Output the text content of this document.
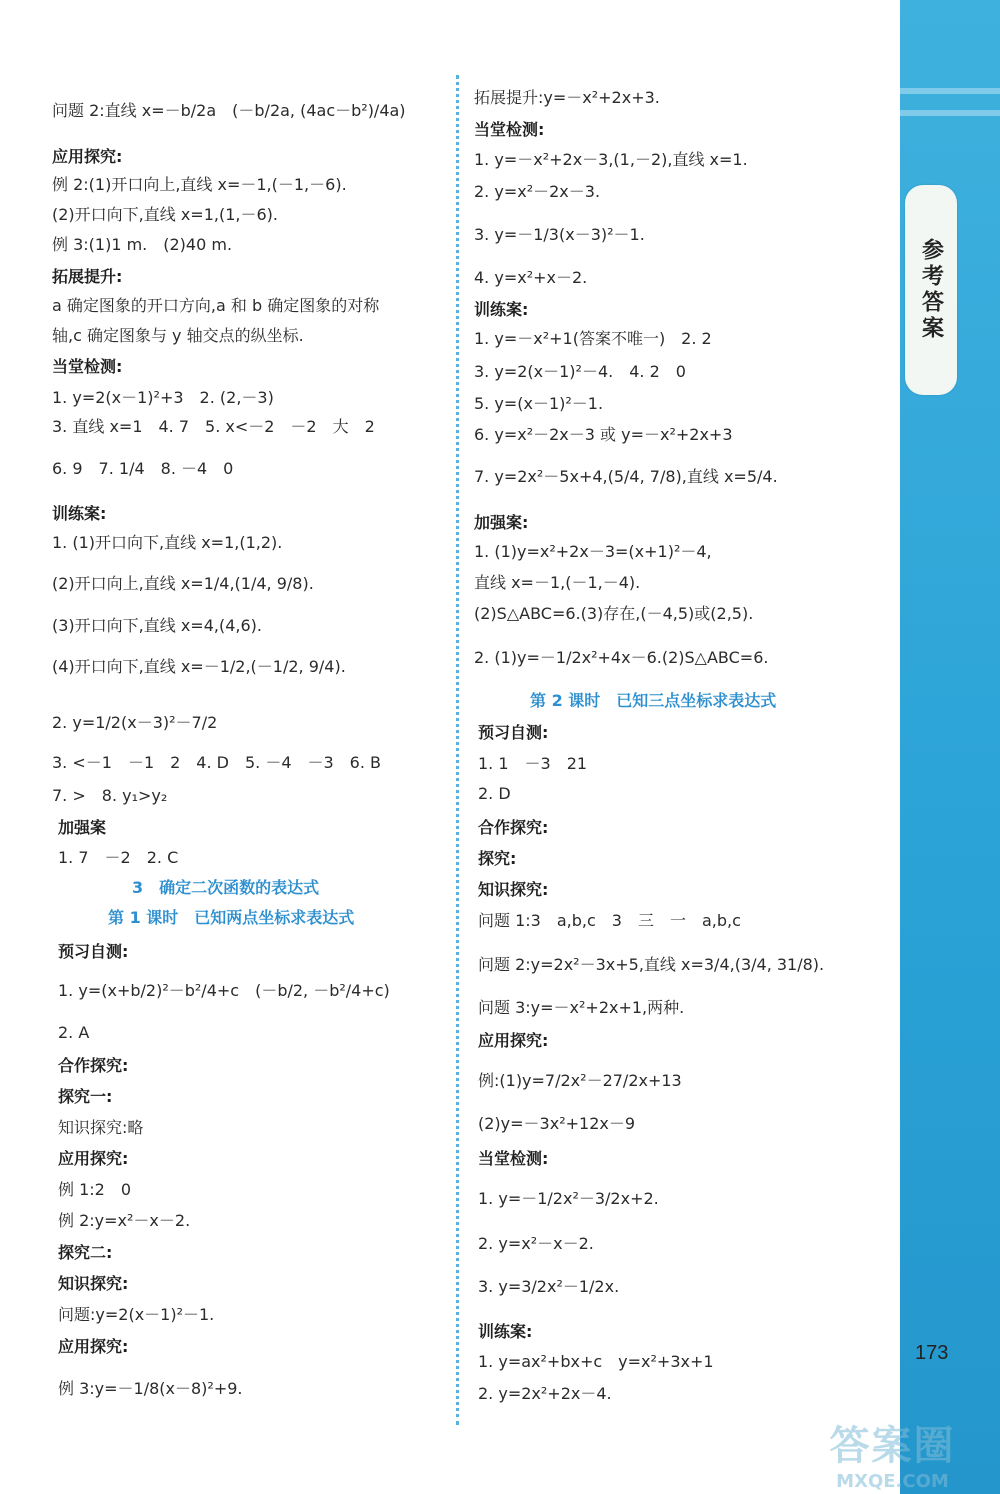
参考答案
173
问题 2:直线 x=－b/2a　(－b/2a, (4ac－b²)/4a)
应用探究:
例 2:(1)开口向上,直线 x=－1,(－1,－6).
(2)开口向下,直线 x=1,(1,－6).
例 3:(1)1 m.　(2)40 m.
拓展提升:
a 确定图象的开口方向,a 和 b 确定图象的对称
轴,c 确定图象与 y 轴交点的纵坐标.
当堂检测:
1. y=2(x－1)²+3　2. (2,－3)
3. 直线 x=1　4. 7　5. x<－2　－2　大　2
6. 9　7. 1/4　8. －4　0
训练案:
1. (1)开口向下,直线 x=1,(1,2).
(2)开口向上,直线 x=1/4,(1/4, 9/8).
(3)开口向下,直线 x=4,(4,6).
(4)开口向下,直线 x=－1/2,(－1/2, 9/4).
2. y=1/2(x－3)²－7/2
3. <－1　－1　2　4. D　5. －4　－3　6. B
7. >　8. y₁>y₂
加强案
1. 7　－2　2. C
3　确定二次函数的表达式
第 1 课时　已知两点坐标求表达式
预习自测:
1. y=(x+b/2)²－b²/4+c　(－b/2, －b²/4+c)
2. A
合作探究:
探究一:
知识探究:略
应用探究:
例 1:2　0
例 2:y=x²－x－2.
探究二:
知识探究:
问题:y=2(x－1)²－1.
应用探究:
例 3:y=－1/8(x－8)²+9.
拓展提升:y=－x²+2x+3.
当堂检测:
1. y=－x²+2x－3,(1,－2),直线 x=1.
2. y=x²－2x－3.
3. y=－1/3(x－3)²－1.
4. y=x²+x－2.
训练案:
1. y=－x²+1(答案不唯一)　2. 2
3. y=2(x－1)²－4.　4. 2　0
5. y=(x－1)²－1.
6. y=x²－2x－3 或 y=－x²+2x+3
7. y=2x²－5x+4,(5/4, 7/8),直线 x=5/4.
加强案:
1. (1)y=x²+2x－3=(x+1)²－4,
直线 x=－1,(－1,－4).
(2)S△ABC=6.(3)存在,(－4,5)或(2,5).
2. (1)y=－1/2x²+4x－6.(2)S△ABC=6.
第 2 课时　已知三点坐标求表达式
预习自测:
1. 1　－3　21
2. D
合作探究:
探究:
知识探究:
问题 1:3　a,b,c　3　三　一　a,b,c
问题 2:y=2x²－3x+5,直线 x=3/4,(3/4, 31/8).
问题 3:y=－x²+2x+1,两种.
应用探究:
例:(1)y=7/2x²－27/2x+13
(2)y=－3x²+12x－9
当堂检测:
1. y=－1/2x²－3/2x+2.
2. y=x²－x－2.
3. y=3/2x²－1/2x.
训练案:
1. y=ax²+bx+c　y=x²+3x+1
2. y=2x²+2x－4.
答案圈
MXQE.COM
